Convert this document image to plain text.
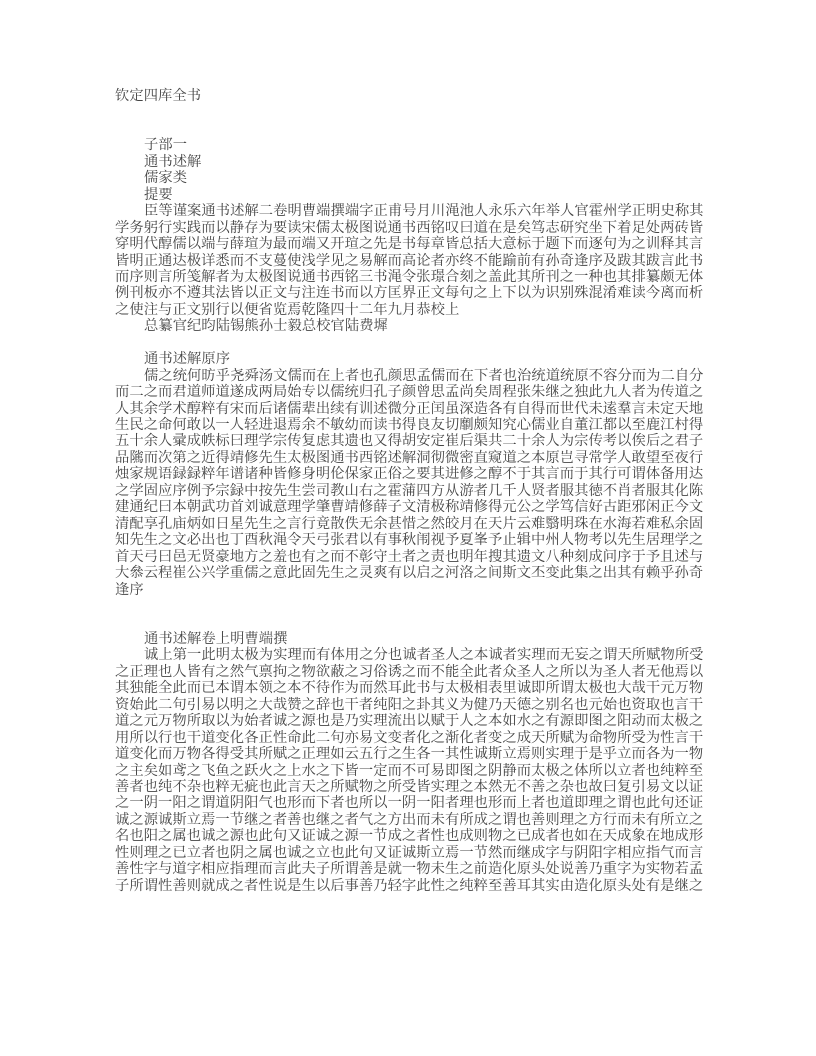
钦定四库全书
子部一
通书述解
儒家类
提要
臣等谨案通书述解二卷明曹端撰端字正甫号月川渑池人永乐六年举人官霍州学正明史称其
学务躬行实践而以静存为要读宋儒太极图说通书西铭叹曰道在是矣笃志研究坐下着足处两砖皆
穿明代醇儒以端与薛瑄为最而端又开瑄之先是书每章皆总括大意标于题下而逐句为之训释其言
皆明正通达极详悉而不支蔓使浅学见之易解而高论者亦终不能踰前有孙奇逢序及跋其跋言此书
而序则言所笺解者为太极图说通书西铭三书渑令张璟合刻之盖此其所刊之一种也其排纂颇无体
例刊板亦不遵其法皆以正文与注连书而以方匡界正文每句之上下以为识别殊混淆难读今离而析
之使注与正文别行以便省览焉乾隆四十二年九月恭校上
总纂官纪昀陆锡熊孙士毅总校官陆费墀
通书述解原序
儒之统何昉乎尧舜汤文儒而在上者也孔颜思孟儒而在下者也治统道统原不容分而为二自分
而二之而君道师道遂成两局始专以儒统归孔子颜曾思孟尚矣周程张朱继之独此九人者为传道之
人其余学术醇粹有宋而后诸儒辈出续有训述微分正闰虽深造各有自得而世代未逺羣言未定天地
生民之命何敢以一人轻进退焉余不敏幼而读书得良友切劘颇知究心儒业自董江都以至鹿江村得
五十余人彚成帙标曰理学宗传复虑其遗也又得胡安定崔后渠共二十余人为宗传考以俟后之君子
品隲而次第之近得靖修先生太极图通书西铭述解洞彻微密直窥道之本原岂寻常学人敢望至夜行
烛家规语録録粹年谱诸种皆修身明伦保家正俗之要其进修之醇不于其言而于其行可谓体备用达
之学固应序例予宗録中按先生尝司教山右之霍蒲四方从游者几千人贤者服其徳不肖者服其化陈
建通纪曰本朝武功首刘诚意理学肇曹靖修薛子文清极称靖修得元公之学笃信好古距邪闲正今文
清配享孔庙炳如日星先生之言行竟散佚无余甚惜之然皎月在天片云难翳明珠在水海若难私余固
知先生之文必出也丁酉秋渑令天弓张君以有事秋闱视予夏峯予止辑中州人物考以先生居理学之
首天弓曰邑无贤豪地方之羞也有之而不彰守土者之责也明年搜其遗文八种刻成问序于予且述与
大叅云程崔公兴学重儒之意此固先生之灵爽有以启之河洛之间斯文丕变此集之出其有赖乎孙奇
逢序
通书述解卷上明曹端撰
诚上第一此明太极为实理而有体用之分也诚者圣人之本诚者实理而无妄之谓天所赋物所受
之正理也人皆有之然气禀拘之物欲蔽之习俗诱之而不能全此者众圣人之所以为圣人者无他焉以
其独能全此而已本谓本领之本不待作为而然耳此书与太极相表里诚即所谓太极也大哉干元万物
资始此二句引易以明之大哉赞之辞也干者纯阳之卦其义为健乃天德之别名也元始也资取也言干
道之元万物所取以为始者诚之源也是乃实理流出以赋于人之本如水之有源即图之阳动而太极之
用所以行也干道变化各正性命此二句亦易文变者化之渐化者变之成天所赋为命物所受为性言干
道变化而万物各得受其所赋之正理如云五行之生各一其性诚斯立焉则实理于是乎立而各为一物
之主矣如鸢之飞鱼之跃火之上水之下皆一定而不可易即图之阴静而太极之体所以立者也纯粹至
善者也纯不杂也粹无疵也此言天之所赋物之所受皆实理之本然无不善之杂也故曰复引易文以证
之一阴一阳之谓道阴阳气也形而下者也所以一阴一阳者理也形而上者也道即理之谓也此句还证
诚之源诚斯立焉一节继之者善也继之者气之方出而未有所成之谓也善则理之方行而未有所立之
名也阳之属也诚之源也此句又证诚之源一节成之者性也成则物之已成者也如在天成象在地成形
性则理之已立者也阴之属也诚之立也此句又证诚斯立焉一节然而继成字与阴阳字相应指气而言
善性字与道字相应指理而言此夫子所谓善是就一物未生之前造化原头处说善乃重字为实物若孟
子所谓性善则就成之者性说是生以后事善乃轻字此性之纯粹至善耳其实由造化原头处有是继之
